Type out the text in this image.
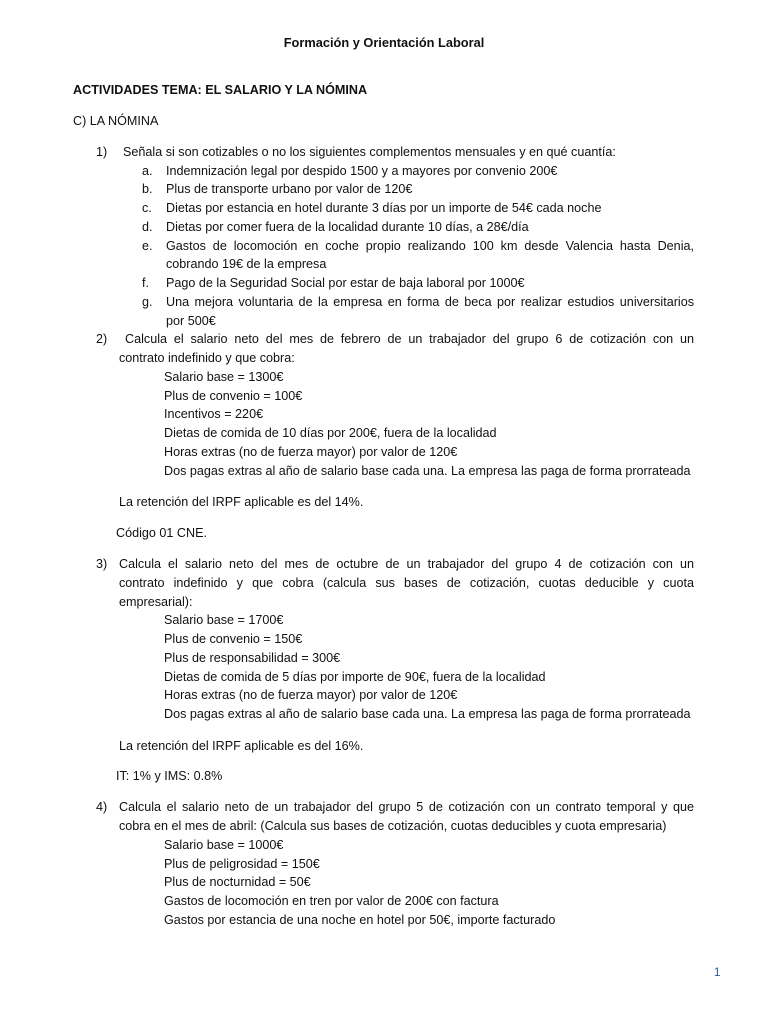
Formación y Orientación Laboral
ACTIVIDADES TEMA: EL SALARIO Y LA NÓMINA
C) LA NÓMINA
1) Señala si son cotizables o no los siguientes complementos mensuales y en qué cuantía:
a. Indemnización legal por despido 1500 y a mayores por convenio 200€
b. Plus de transporte urbano por valor de 120€
c. Dietas por estancia en hotel durante 3 días por un importe de 54€ cada noche
d. Dietas por comer fuera de la localidad durante 10 días, a 28€/día
e. Gastos de locomoción en coche propio realizando 100 km desde Valencia hasta Denia,
cobrando 19€ de la empresa
f. Pago de la Seguridad Social por estar de baja laboral por 1000€
g. Una mejora voluntaria de la empresa en forma de beca por realizar estudios universitarios
por 500€
2) Calcula el salario neto del mes de febrero de un trabajador del grupo 6 de cotización con un
contrato indefinido y que cobra:
Salario base = 1300€
Plus de convenio = 100€
Incentivos = 220€
Dietas de comida de 10 días por 200€, fuera de la localidad
Horas extras (no de fuerza mayor) por valor de 120€
Dos pagas extras al año de salario base cada una. La empresa las paga de forma prorrateada
La retención del IRPF aplicable es del 14%.
Código 01 CNE.
3) Calcula el salario neto del mes de octubre de un trabajador del grupo 4 de cotización con un
contrato indefinido y que cobra (calcula sus bases de cotización, cuotas deducible y cuota
empresarial):
Salario base = 1700€
Plus de convenio = 150€
Plus de responsabilidad = 300€
Dietas de comida de 5 días por importe de 90€, fuera de la localidad
Horas extras (no de fuerza mayor) por valor de 120€
Dos pagas extras al año de salario base cada una. La empresa las paga de forma prorrateada
La retención del IRPF aplicable es del 16%.
IT: 1% y IMS: 0.8%
4) Calcula el salario neto de un trabajador del grupo 5 de cotización con un contrato temporal y que
cobra en el mes de abril: (Calcula sus bases de cotización, cuotas deducibles y cuota empresaria)
Salario base = 1000€
Plus de peligrosidad = 150€
Plus de nocturnidad = 50€
Gastos de locomoción en tren por valor de 200€ con factura
Gastos por estancia de una noche en hotel por 50€, importe facturado
1
